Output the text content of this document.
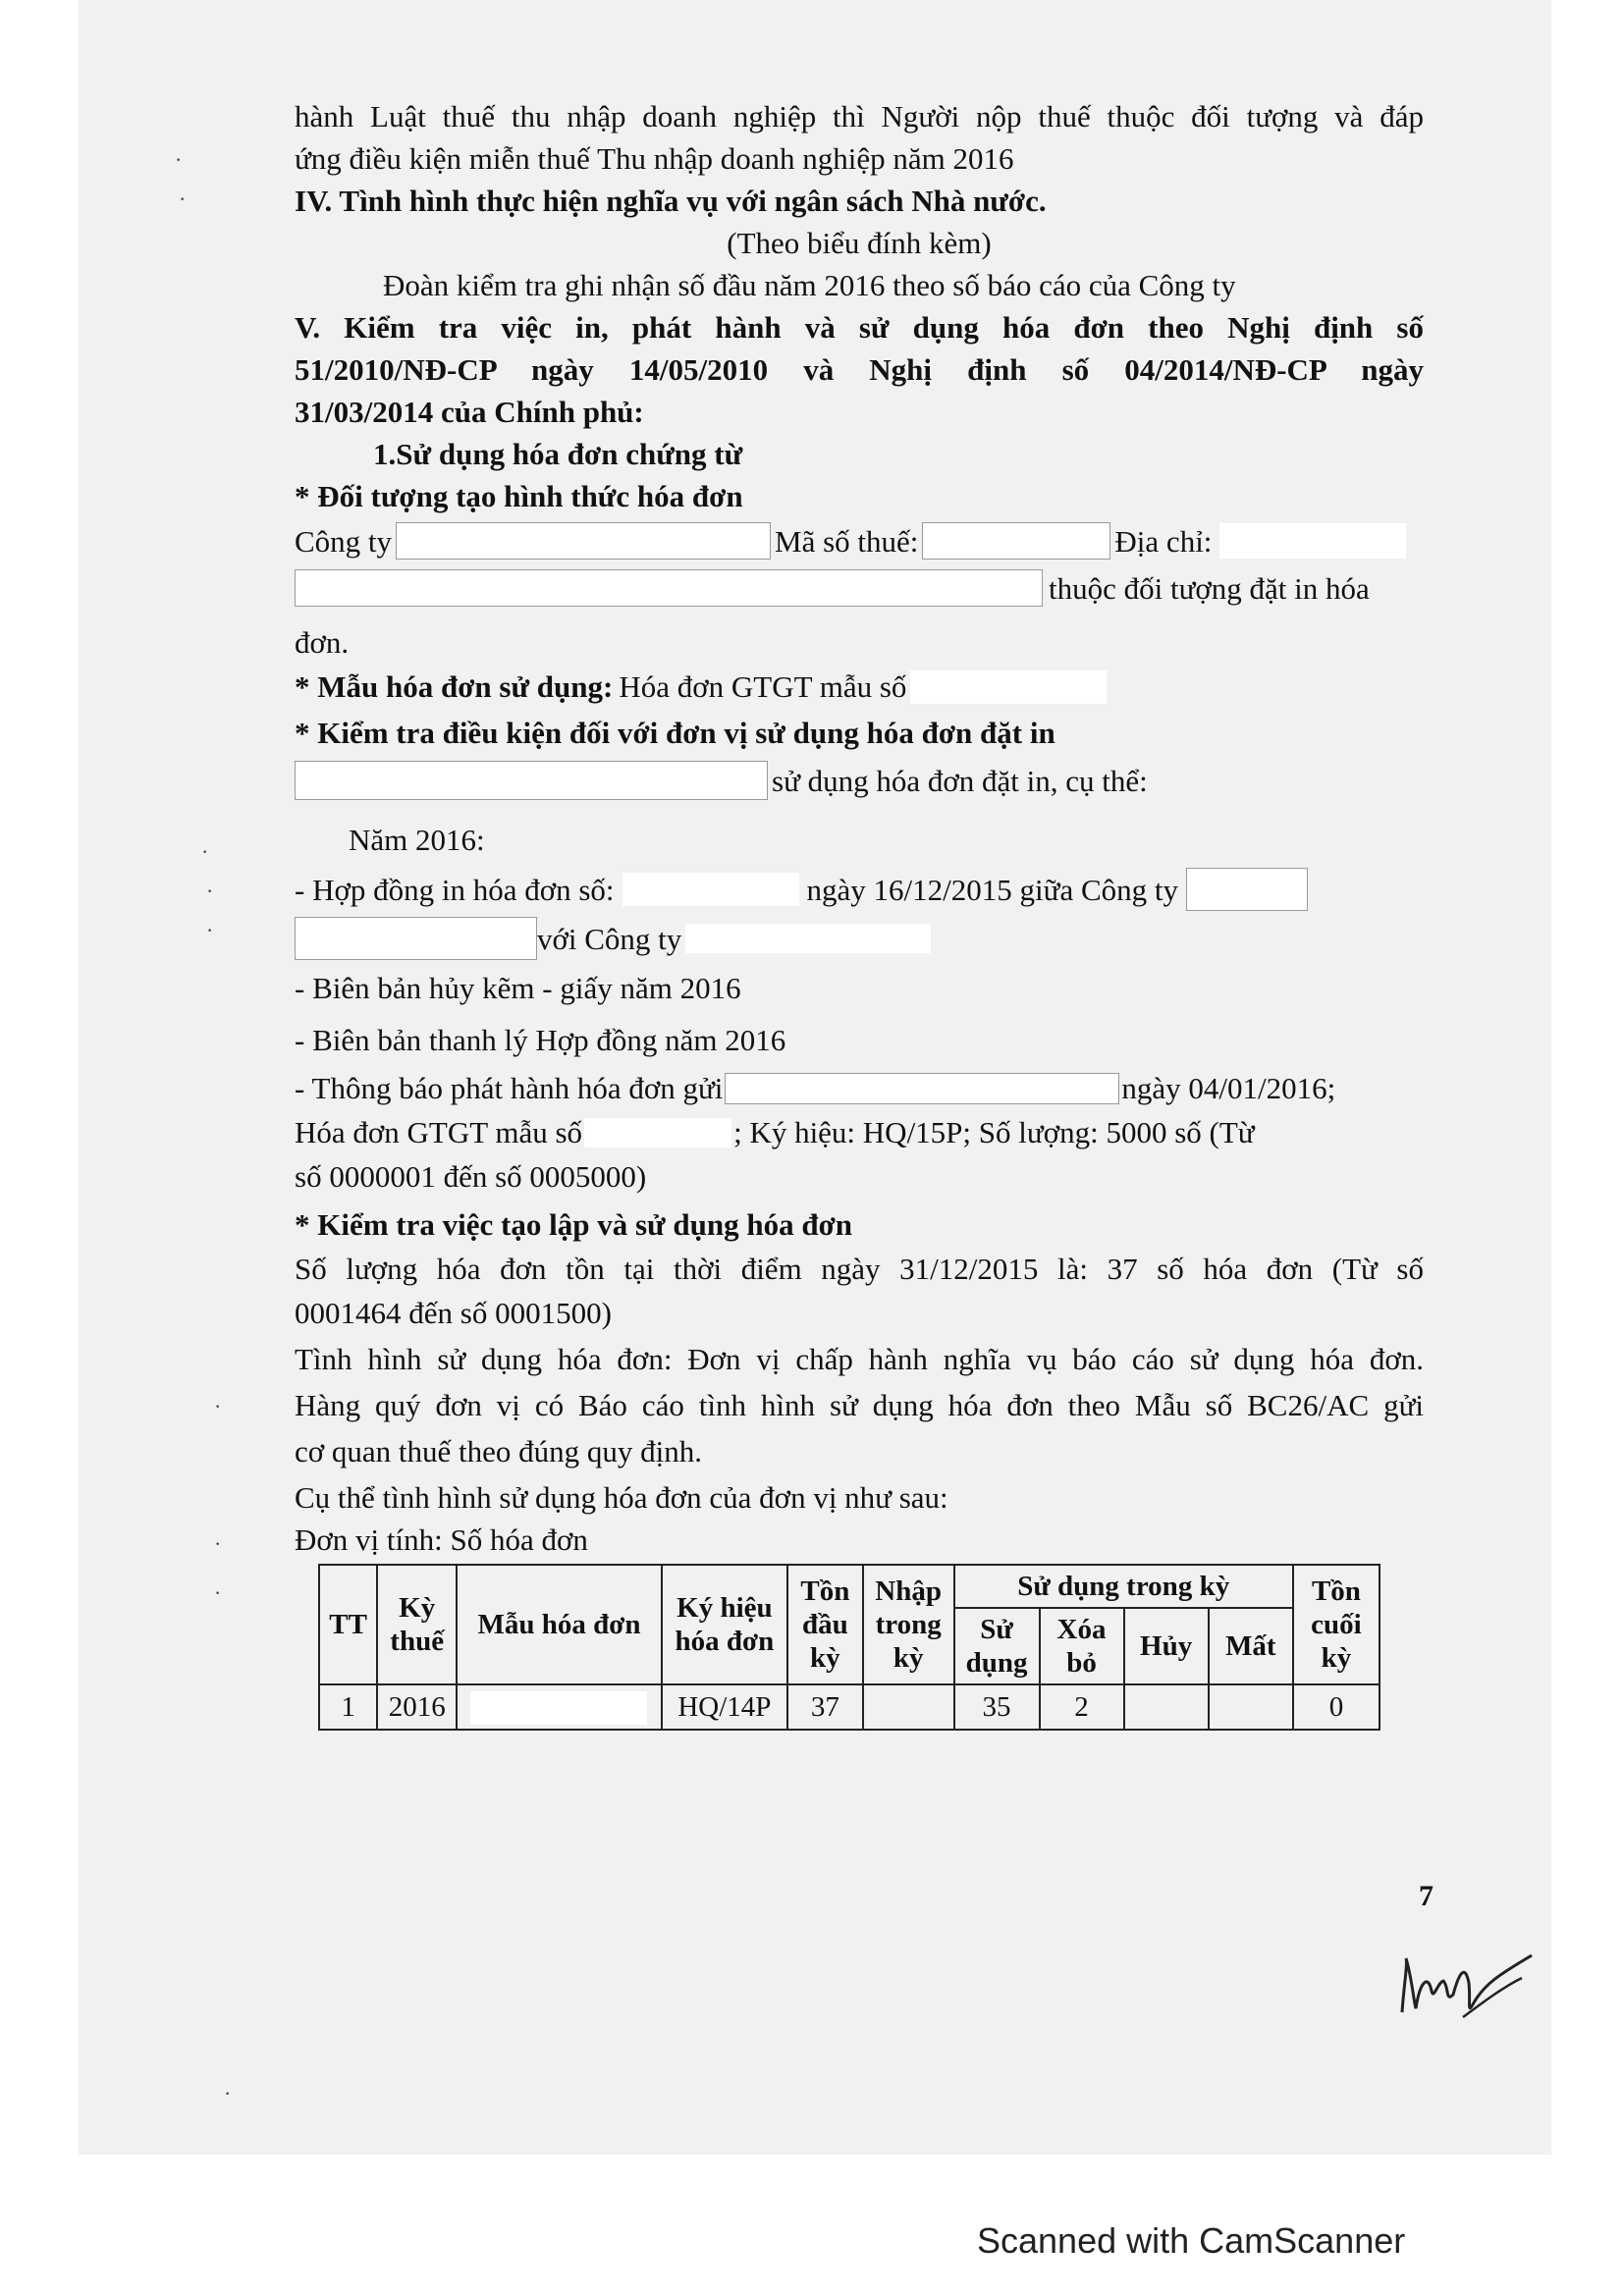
·
·
·
·
·
·
·
·
·

hành Luật thuế thu nhập doanh nghiệp thì Người nộp thuế thuộc đối tượng và đáp

ứng điều kiện miễn thuế Thu nhập doanh nghiệp năm 2016

IV. Tình hình thực hiện nghĩa vụ với ngân sách Nhà nước.

(Theo biểu đính kèm)

Đoàn kiểm tra ghi nhận số đầu năm 2016 theo số báo cáo của Công ty

V. Kiểm tra việc in, phát hành và sử dụng hóa đơn theo Nghị định số

51/2010/NĐ-CP ngày 14/05/2010 và Nghị định số 04/2014/NĐ-CP ngày

31/03/2014 của Chính phủ:

1.Sử dụng hóa đơn chứng từ

* Đối tượng tạo hình thức hóa đơn

Công ty	Mã số thuế:	Địa chỉ:

thuộc đối tượng đặt in hóa

đơn.

* Mẫu hóa đơn sử dụng: Hóa đơn GTGT mẫu số

* Kiểm tra điều kiện đối với đơn vị sử dụng hóa đơn đặt in

sử dụng hóa đơn đặt in, cụ thể:

Năm 2016:

- Hợp đồng in hóa đơn số:	ngày 16/12/2015 giữa Công ty

với Công ty

- Biên bản hủy kẽm - giấy năm 2016

- Biên bản thanh lý Hợp đồng năm 2016

- Thông báo phát hành hóa đơn gửi	ngày 04/01/2016;

Hóa đơn GTGT mẫu số	; Ký hiệu: HQ/15P; Số lượng: 5000 số (Từ

số 0000001 đến số 0005000)

* Kiểm tra việc tạo lập và sử dụng hóa đơn

Số lượng hóa đơn tồn tại thời điểm ngày 31/12/2015 là: 37 số hóa đơn (Từ số

0001464 đến số 0001500)

Tình hình sử dụng hóa đơn: Đơn vị chấp hành nghĩa vụ báo cáo sử dụng hóa đơn.

Hàng quý đơn vị có Báo cáo tình hình sử dụng hóa đơn theo Mẫu số BC26/AC gửi

cơ quan thuế theo đúng quy định.

Cụ thể tình hình sử dụng hóa đơn của đơn vị như sau:

Đơn vị tính: Số hóa đơn

TT	Kỳ thuế	Mẫu hóa đơn	Ký hiệu hóa đơn	Tồn đầu kỳ	Nhập trong kỳ	Sử dụng trong kỳ				Tồn cuối kỳ
						Sử dụng	Xóa bỏ	Hủy	Mất	
1	2016		HQ/14P	37		35	2			0
7
Scanned with CamScanner
